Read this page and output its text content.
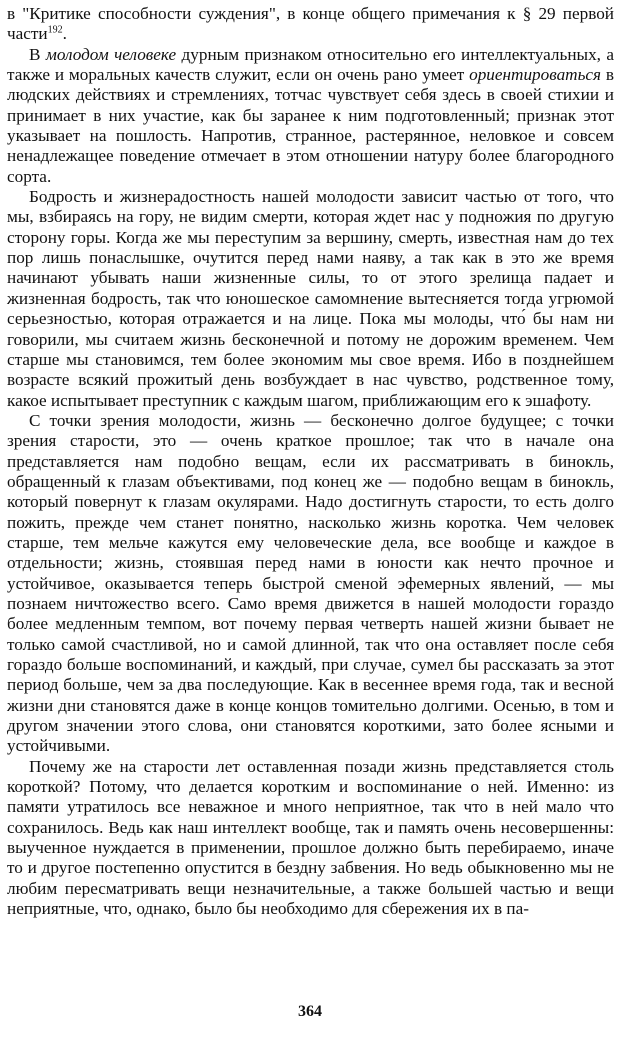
в "Критике способности суждения", в конце общего примечания к § 29 первой части$^{192}$.

В молодом человеке дурным признаком относительно его интеллектуальных, а также и моральных качеств служит, если он очень рано умеет ориентироваться в людских действиях и стремлениях, тотчас чувствует себя здесь в своей стихии и принимает в них участие, как бы заранее к ним подготовленный; признак этот указывает на пошлость. Напротив, странное, растерянное, неловкое и совсем ненадлежащее поведение отмечает в этом отношении натуру более благородного сорта.

Бодрость и жизнерадостность нашей молодости зависит частью от того, что мы, взбираясь на гору, не видим смерти, которая ждет нас у подножия по другую сторону горы. Когда же мы переступим за вершину, смерть, известная нам до тех пор лишь понаслышке, очутится перед нами наяву, а так как в это же время начинают убывать наши жизненные силы, то от этого зрелища падает и жизненная бодрость, так что юношеское самомнение вытесняется тогда угрюмой серьезностью, которая отражается и на лице. Пока мы молоды, что́ бы нам ни говорили, мы считаем жизнь бесконечной и потому не дорожим временем. Чем старше мы становимся, тем более экономим мы свое время. Ибо в позднейшем возрасте всякий прожитый день возбуждает в нас чувство, родственное тому, какое испытывает преступник с каждым шагом, приближающим его к эшафоту.

С точки зрения молодости, жизнь — бесконечно долгое будущее; с точки зрения старости, это — очень краткое прошлое; так что в начале она представляется нам подобно вещам, если их рассматривать в бинокль, обращенный к глазам объективами, под конец же — подобно вещам в бинокль, который повернут к глазам окулярами. Надо достигнуть старости, то есть долго пожить, прежде чем станет понятно, насколько жизнь коротка. Чем человек старше, тем мельче кажутся ему человеческие дела, все вообще и каждое в отдельности; жизнь, стоявшая перед нами в юности как нечто прочное и устойчивое, оказывается теперь быстрой сменой эфемерных явлений, — мы познаем ничтожество всего. Само время движется в нашей молодости гораздо более медленным темпом, вот почему первая четверть нашей жизни бывает не только самой счастливой, но и самой длинной, так что она оставляет после себя гораздо больше воспоминаний, и каждый, при случае, сумел бы рассказать за этот период больше, чем за два последующие. Как в весеннее время года, так и весной жизни дни становятся даже в конце концов томительно долгими. Осенью, в том и другом значении этого слова, они становятся короткими, зато более ясными и устойчивыми.

Почему же на старости лет оставленная позади жизнь представляется столь короткой? Потому, что делается коротким и воспоминание о ней. Именно: из памяти утратилось все неважное и много неприятное, так что в ней мало что сохранилось. Ведь как наш интеллект вообще, так и память очень несовершенны: выученное нуждается в применении, прошлое должно быть перебираемо, иначе то и другое постепенно опустится в бездну забвения. Но ведь обыкновенно мы не любим пересматривать вещи незначительные, а также большей частью и вещи неприятные, что, однако, было бы необходимо для сбережения их в па-

364
